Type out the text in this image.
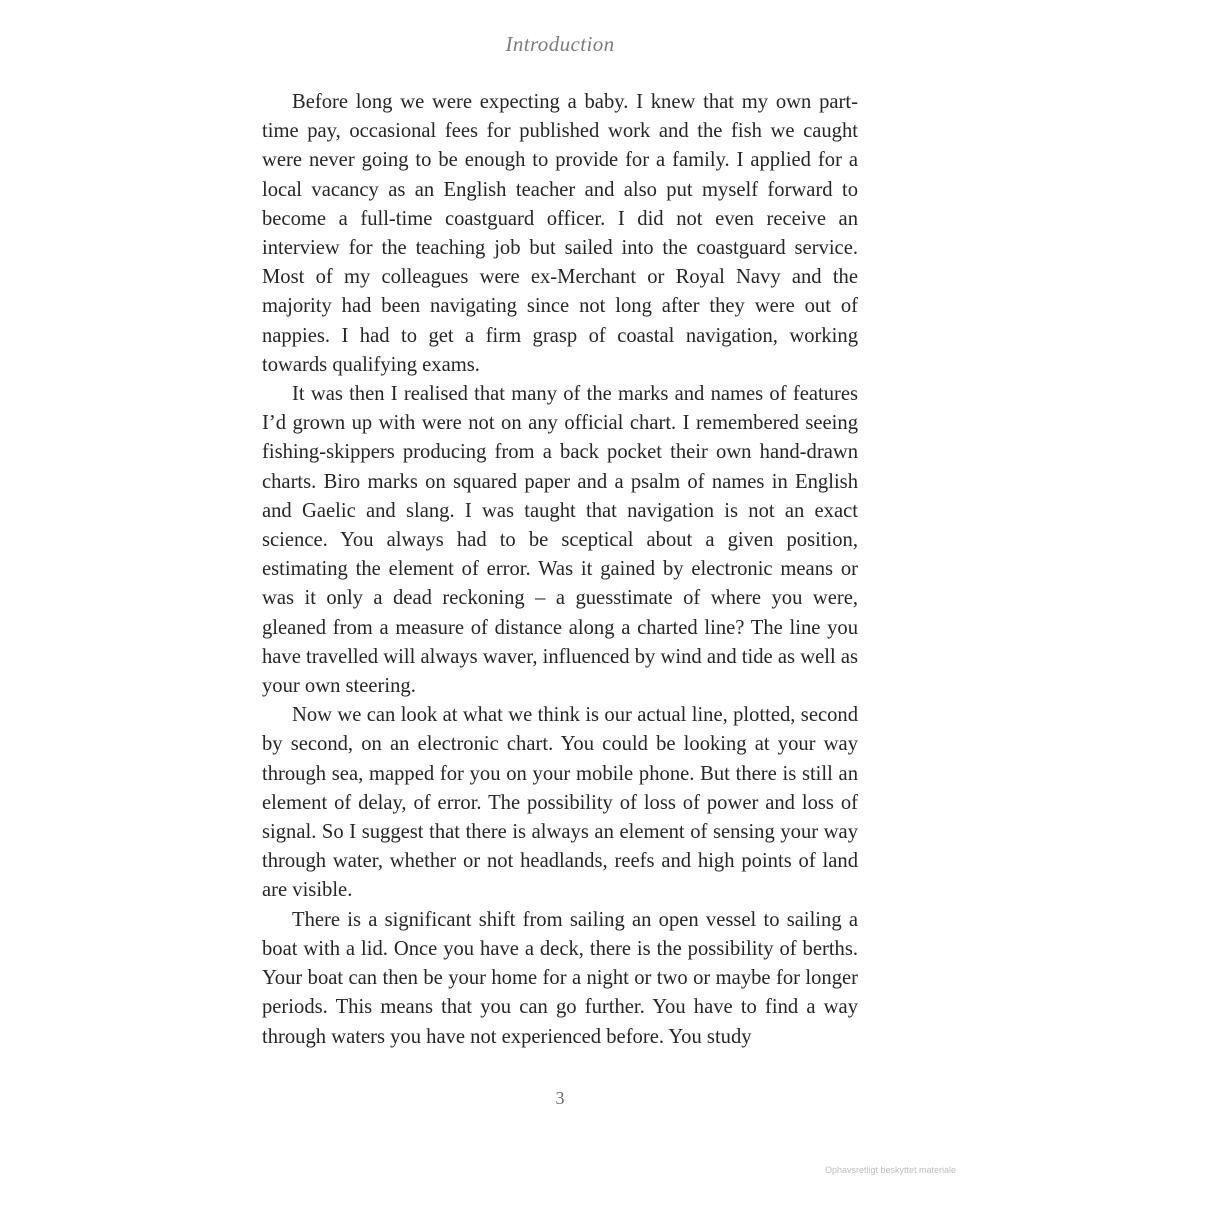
Introduction

Before long we were expecting a baby. I knew that my own part-time pay, occasional fees for published work and the fish we caught were never going to be enough to provide for a family. I applied for a local vacancy as an English teacher and also put myself forward to become a full-time coastguard officer. I did not even receive an interview for the teaching job but sailed into the coastguard service. Most of my colleagues were ex-Merchant or Royal Navy and the majority had been navigating since not long after they were out of nappies. I had to get a firm grasp of coastal navigation, working towards qualifying exams.

It was then I realised that many of the marks and names of features I’d grown up with were not on any official chart. I remembered seeing fishing-skippers producing from a back pocket their own hand-drawn charts. Biro marks on squared paper and a psalm of names in English and Gaelic and slang. I was taught that navigation is not an exact science. You always had to be sceptical about a given position, estimating the element of error. Was it gained by electronic means or was it only a dead reckoning – a guesstimate of where you were, gleaned from a measure of distance along a charted line? The line you have travelled will always waver, influenced by wind and tide as well as your own steering.

Now we can look at what we think is our actual line, plotted, second by second, on an electronic chart. You could be looking at your way through sea, mapped for you on your mobile phone. But there is still an element of delay, of error. The possibility of loss of power and loss of signal. So I suggest that there is always an element of sensing your way through water, whether or not headlands, reefs and high points of land are visible.

There is a significant shift from sailing an open vessel to sailing a boat with a lid. Once you have a deck, there is the possibility of berths. Your boat can then be your home for a night or two or maybe for longer periods. This means that you can go further. You have to find a way through waters you have not experienced before. You study

3
Ophavsretligt beskyttet materiale
